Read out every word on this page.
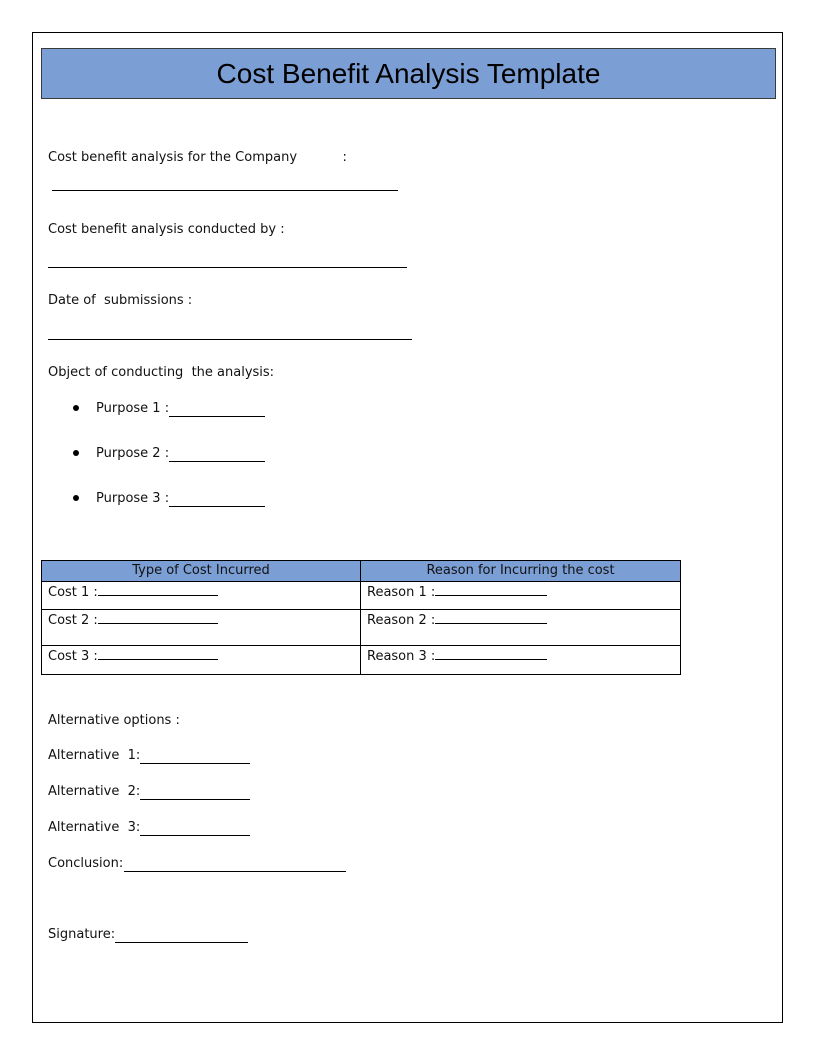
Cost Benefit Analysis Template
Cost benefit analysis for the Company           :
Cost benefit analysis conducted by :
Date of  submissions :
Object of conducting  the analysis:
Purpose 1 :
Purpose 2 :
Purpose 3 :
Type of Cost Incurred	Reason for Incurring the cost
Cost 1 :	Reason 1 :
Cost 2 :	Reason 2 :
Cost 3 :	Reason 3 :
Alternative options :
Alternative  1:
Alternative  2:
Alternative  3:
Conclusion:
Signature:
